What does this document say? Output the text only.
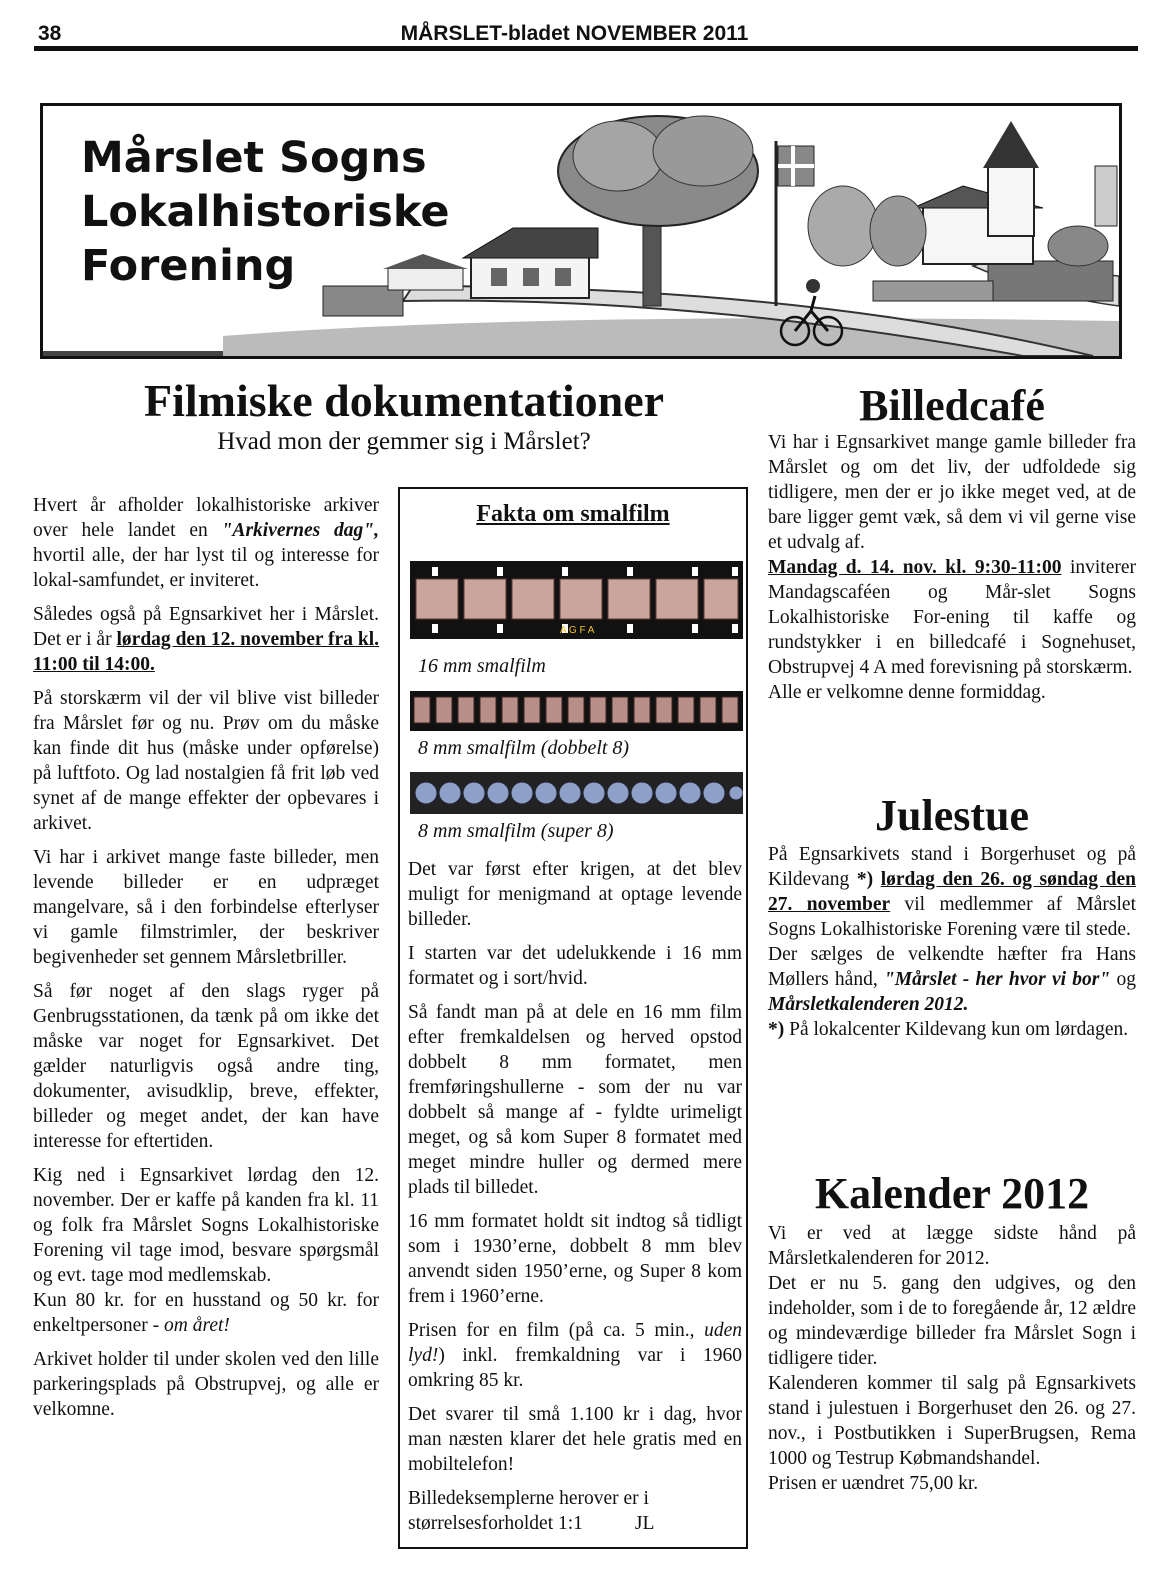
38	MÅRSLET-bladet NOVEMBER 2011
Mårslet Sogns
Lokalhistoriske
Forening
Filmiske dokumentationer
Hvad mon der gemmer sig i Mårslet?

Hvert år afholder lokalhistoriske arkiver over hele landet en "Arkivernes dag", hvortil alle, der har lyst til og interesse for lokal-samfundet, er inviteret.

Således også på Egnsarkivet her i Mårslet. Det er i år lørdag den 12. november fra kl. 11:00 til 14:00.

På storskærm vil der vil blive vist billeder fra Mårslet før og nu. Prøv om du måske kan finde dit hus (måske under opførelse) på luftfoto. Og lad nostalgien få frit løb ved synet af de mange effekter der opbevares i arkivet.

Vi har i arkivet mange faste billeder, men levende billeder er en udpræget mangelvare, så i den forbindelse efterlyser vi gamle filmstrimler, der beskriver begivenheder set gennem Mårsletbriller.

Så før noget af den slags ryger på Genbrugsstationen, da tænk på om ikke det måske var noget for Egnsarkivet. Det gælder naturligvis også andre ting, dokumenter, avisudklip, breve, effekter, billeder og meget andet, der kan have interesse for eftertiden.

Kig ned i Egnsarkivet lørdag den 12. november. Der er kaffe på kanden fra kl. 11 og folk fra Mårslet Sogns Lokalhistoriske Forening vil tage imod, besvare spørgsmål og evt. tage mod medlemskab.

Kun 80 kr. for en husstand og 50 kr. for enkeltpersoner - om året!

Arkivet holder til under skolen ved den lille parkeringsplads på Obstrupvej, og alle er velkomne.

Fakta om smalfilm
A G F A
16 mm smalfilm
8 mm smalfilm (dobbelt 8)
8 mm smalfilm (super 8)

Det var først efter krigen, at det blev muligt for menigmand at optage levende billeder.

I starten var det udelukkende i 16 mm formatet og i sort/hvid.

Så fandt man på at dele en 16 mm film efter fremkaldelsen og herved opstod dobbelt 8 mm formatet, men fremføringshullerne - som der nu var dobbelt så mange af - fyldte urimeligt meget, og så kom Super 8 formatet med meget mindre huller og dermed mere plads til billedet.

16 mm formatet holdt sit indtog så tidligt som i 1930’erne, dobbelt 8 mm blev anvendt siden 1950’erne, og Super 8 kom frem i 1960’erne.

Prisen for en film (på ca. 5 min., uden lyd!) inkl. fremkaldning var i 1960 omkring 85 kr.

Det svarer til små 1.100 kr i dag, hvor man næsten klarer det hele gratis med en mobiltelefon!

Billedeksemplerne herover er i størrelsesforholdet 1:1	JL

Billedcafé

Vi har i Egnsarkivet mange gamle billeder fra Mårslet og om det liv, der udfoldede sig tidligere, men der er jo ikke meget ved, at de bare ligger gemt væk, så dem vi vil gerne vise et udvalg af.

Mandag d. 14. nov. kl. 9:30-11:00 inviterer Mandagscaféen og Mår-slet Sogns Lokalhistoriske For-ening til kaffe og rundstykker i en billedcafé i Sognehuset, Obstrupvej 4 A med forevisning på storskærm.

Alle er velkomne denne formiddag.

Julestue

På Egnsarkivets stand i Borgerhuset og på Kildevang *) lørdag den 26. og søndag den 27. november vil medlemmer af Mårslet Sogns Lokalhistoriske Forening være til stede.

Der sælges de velkendte hæfter fra Hans Møllers hånd, "Mårslet - her hvor vi bor" og Mårsletkalenderen 2012.

*) På lokalcenter Kildevang kun om lørdagen.

Kalender 2012

Vi er ved at lægge sidste hånd på Mårsletkalenderen for 2012.

Det er nu 5. gang den udgives, og den indeholder, som i de to foregående år, 12 ældre og mindeværdige billeder fra Mårslet Sogn i tidligere tider.

Kalenderen kommer til salg på Egnsarkivets stand i julestuen i Borgerhuset den 26. og 27. nov., i Postbutikken i SuperBrugsen, Rema 1000 og Testrup Købmandshandel.

Prisen er uændret 75,00 kr.
